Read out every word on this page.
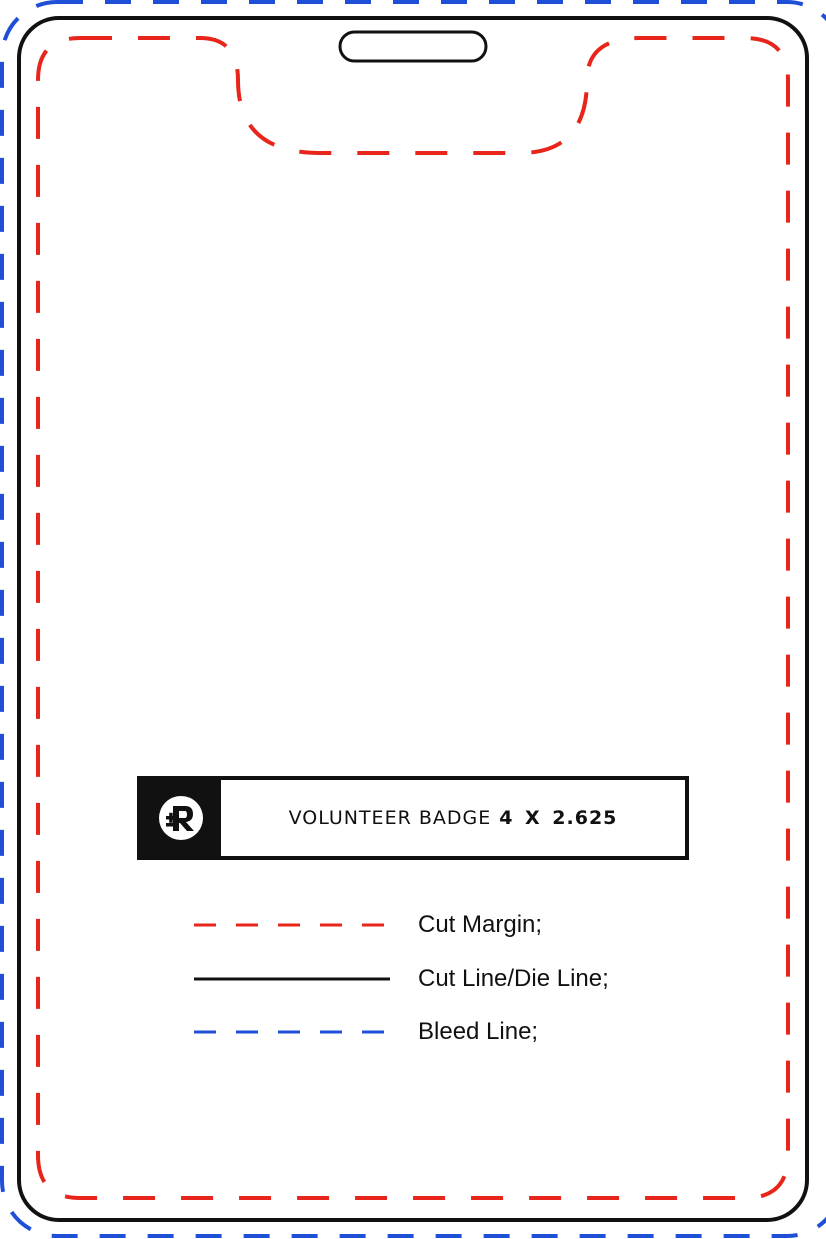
VOLUNTEER BADGE 4 X 2.625
Cut Margin;
Cut Line/Die Line;
Bleed Line;
